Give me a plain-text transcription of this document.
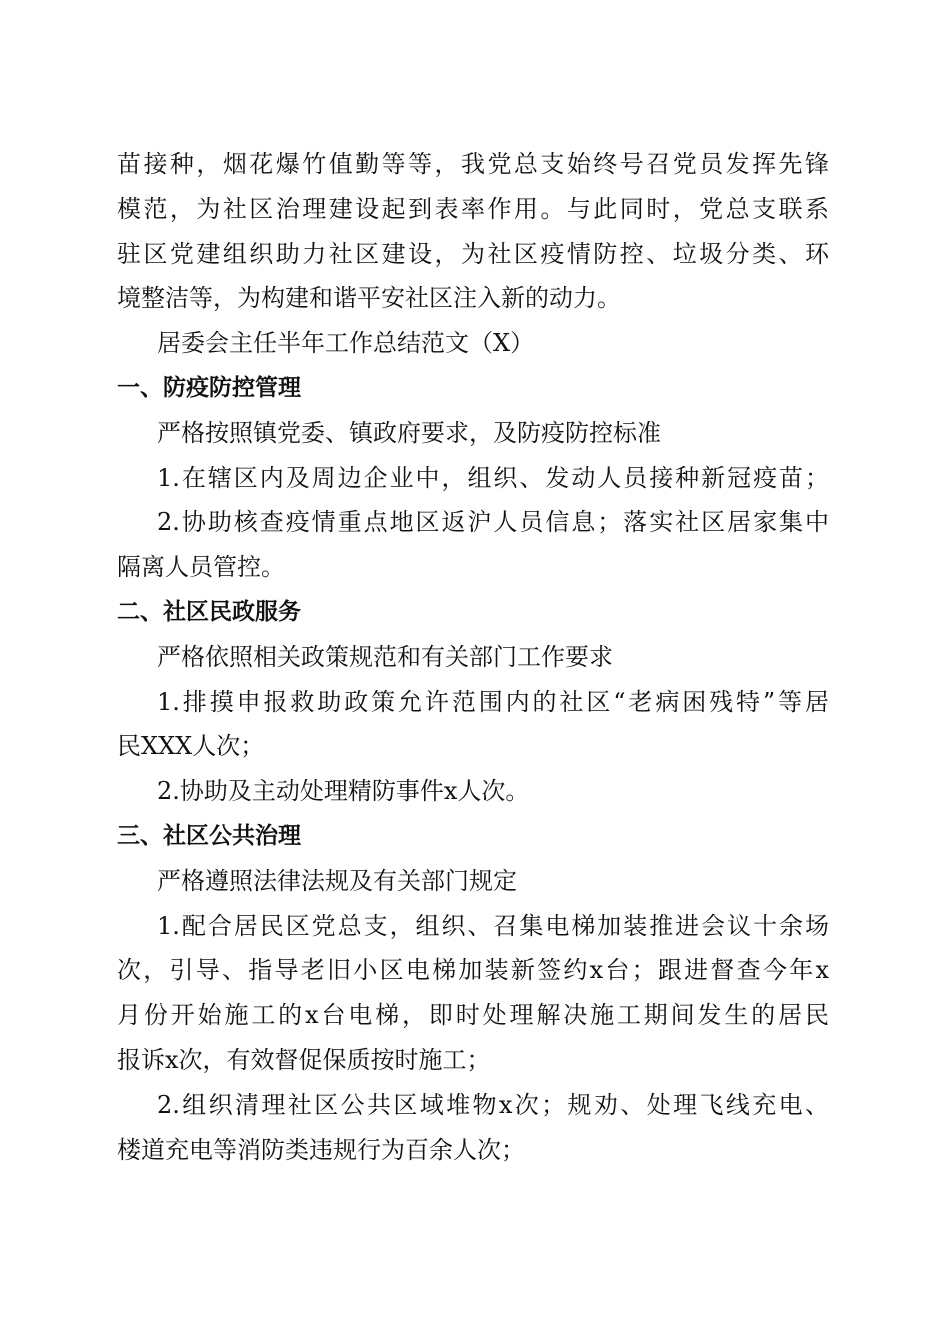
苗接种，烟花爆竹值勤等等，我党总支始终号召党员发挥先锋
模范，为社区治理建设起到表率作用。与此同时，党总支联系
驻区党建组织助力社区建设，为社区疫情防控、垃圾分类、环
境整洁等，为构建和谐平安社区注入新的动力。
居委会主任半年工作总结范文（X）
一、防疫防控管理
严格按照镇党委、镇政府要求，及防疫防控标准
1.在辖区内及周边企业中，组织、发动人员接种新冠疫苗；
2.协助核查疫情重点地区返沪人员信息；落实社区居家集中
隔离人员管控。
二、社区民政服务
严格依照相关政策规范和有关部门工作要求
1.排摸申报救助政策允许范围内的社区“老病困残特”等居
民XXX人次；
2.协助及主动处理精防事件x人次。
三、社区公共治理
严格遵照法律法规及有关部门规定
1.配合居民区党总支，组织、召集电梯加装推进会议十余场
次，引导、指导老旧小区电梯加装新签约x台；跟进督查今年x
月份开始施工的x台电梯，即时处理解决施工期间发生的居民
报诉x次，有效督促保质按时施工；
2.组织清理社区公共区域堆物x次；规劝、处理飞线充电、
楼道充电等消防类违规行为百余人次；
